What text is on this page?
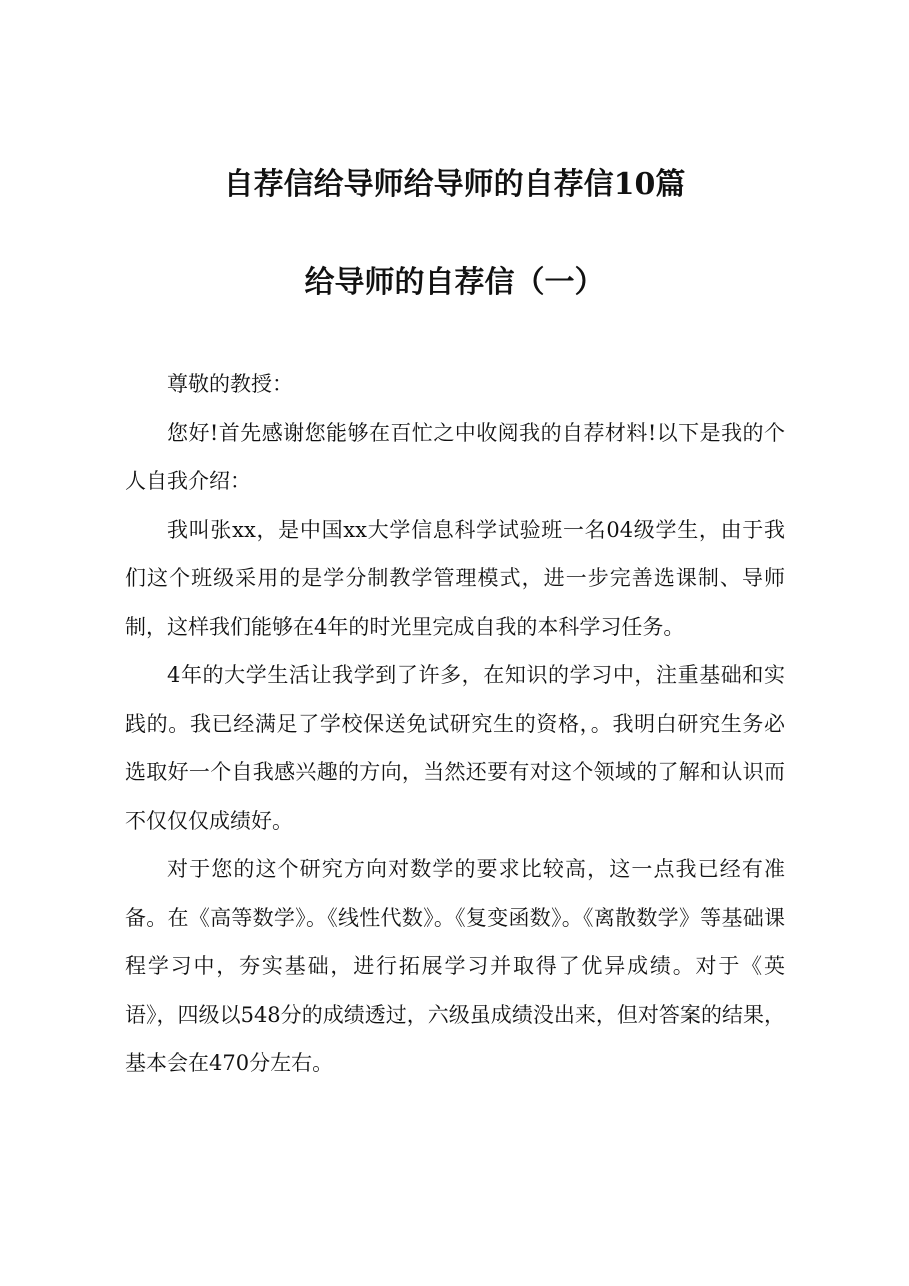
自荐信给导师给导师的自荐信10篇
给导师的自荐信（一）

尊敬的教授：

您好!首先感谢您能够在百忙之中收阅我的自荐材料!以下是我的个人自我介绍：

我叫张xx，是中国xx大学信息科学试验班一名04级学生，由于我们这个班级采用的是学分制教学管理模式，进一步完善选课制、导师制，这样我们能够在4年的时光里完成自我的本科学习任务。

4年的大学生活让我学到了许多，在知识的学习中，注重基础和实践的。我已经满足了学校保送免试研究生的资格，。我明白研究生务必选取好一个自我感兴趣的方向，当然还要有对这个领域的了解和认识而不仅仅仅成绩好。

对于您的这个研究方向对数学的要求比较高，这一点我已经有准备。在《高等数学》。《线性代数》。《复变函数》。《离散数学》等基础课程学习中，夯实基础，进行拓展学习并取得了优异成绩。对于《英语》，四级以548分的成绩透过，六级虽成绩没出来，但对答案的结果，基本会在470分左右。
